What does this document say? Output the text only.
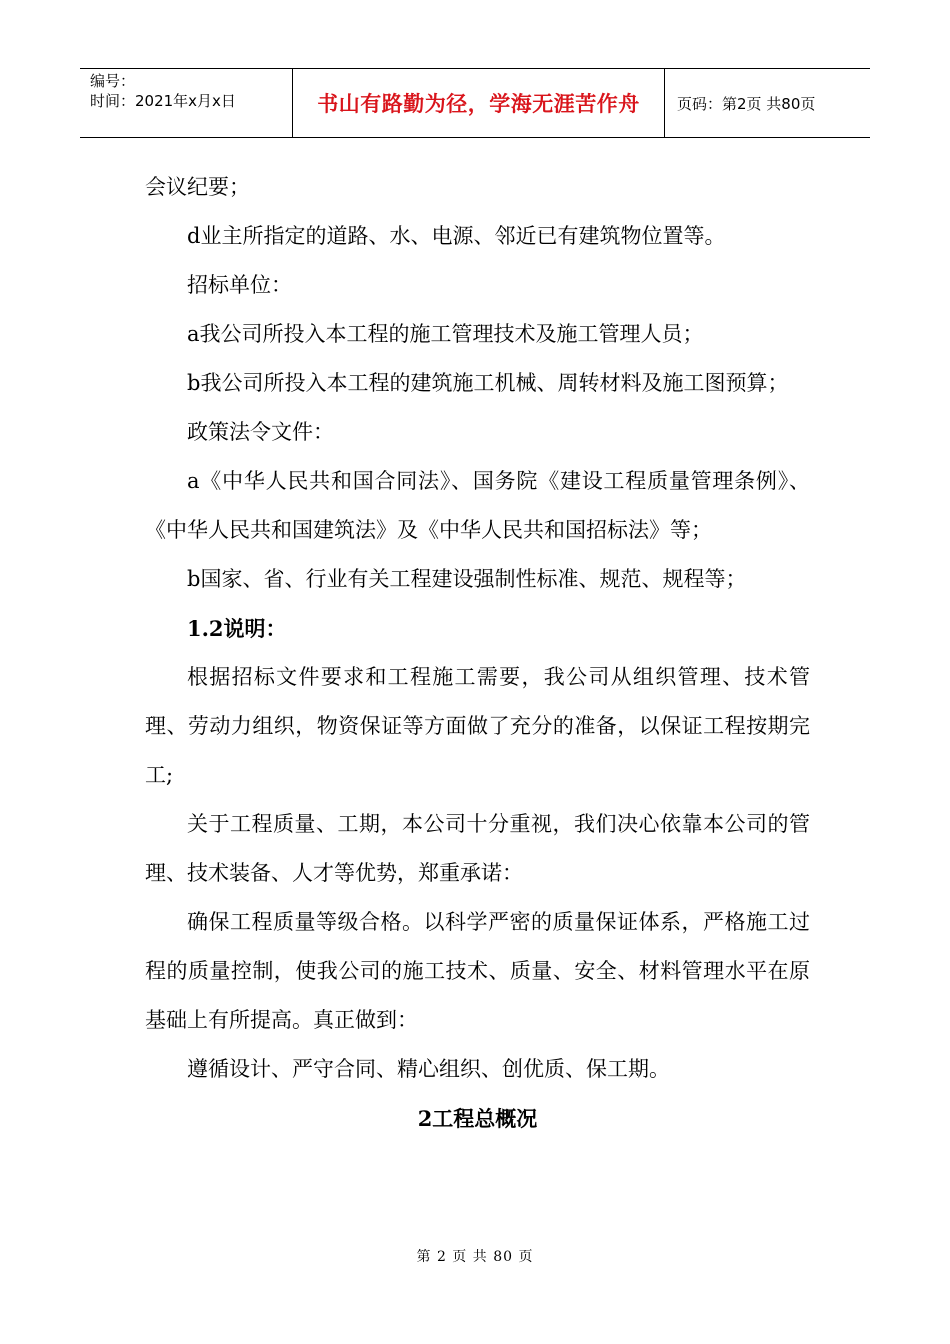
编号：
时间：2021年x月x日	书山有路勤为径，学海无涯苦作舟	页码：第2页 共80页

会议纪要；

d业主所指定的道路、水、电源、邻近已有建筑物位置等。

招标单位：

a我公司所投入本工程的施工管理技术及施工管理人员；

b我公司所投入本工程的建筑施工机械、周转材料及施工图预算；

政策法令文件：

a《中华人民共和国合同法》、国务院《建设工程质量管理条例》、《中华人民共和国建筑法》及《中华人民共和国招标法》等；

b国家、省、行业有关工程建设强制性标准、规范、规程等；

1.2说明：

根据招标文件要求和工程施工需要，我公司从组织管理、技术管理、劳动力组织，物资保证等方面做了充分的准备，以保证工程按期完工;

关于工程质量、工期，本公司十分重视，我们决心依靠本公司的管理、技术装备、人才等优势，郑重承诺：

确保工程质量等级合格。以科学严密的质量保证体系，严格施工过程的质量控制，使我公司的施工技术、质量、安全、材料管理水平在原基础上有所提高。真正做到：

遵循设计、严守合同、精心组织、创优质、保工期。

2工程总概况

第 2 页 共 80 页
